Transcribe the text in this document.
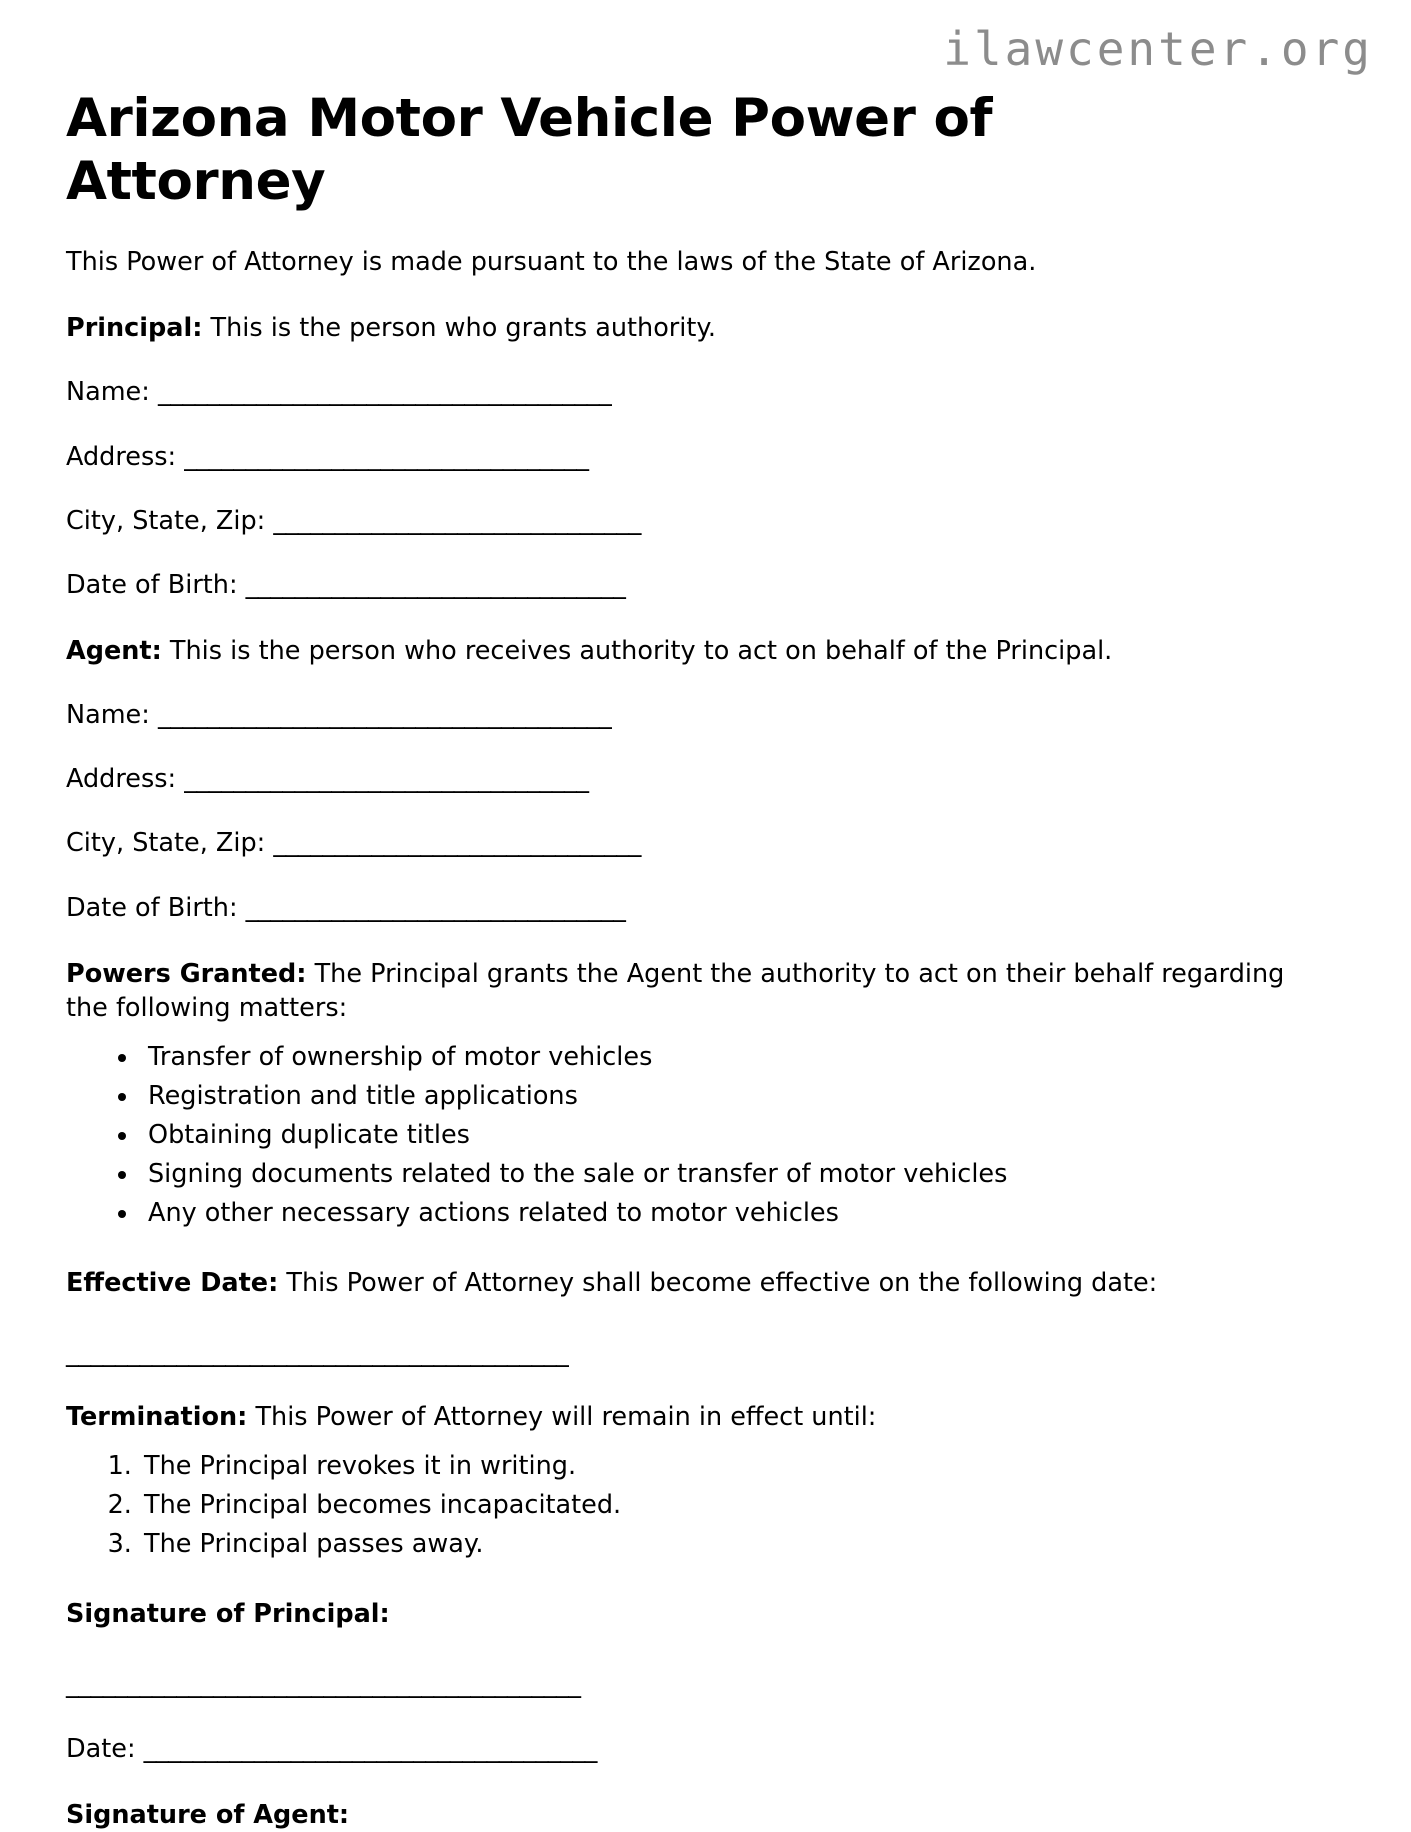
ilawcenter.org
Arizona Motor Vehicle Power of Attorney

This Power of Attorney is made pursuant to the laws of the State of Arizona.

Principal: This is the person who grants authority.

Name: _____________________________________

Address: _________________________________

City, State, Zip: ______________________________

Date of Birth: _______________________________

Agent: This is the person who receives authority to act on behalf of the Principal.

Name: _____________________________________

Address: _________________________________

City, State, Zip: ______________________________

Date of Birth: _______________________________

Powers Granted: The Principal grants the Agent the authority to act on their behalf regarding the following matters:

• Transfer of ownership of motor vehicles
• Registration and title applications
• Obtaining duplicate titles
• Signing documents related to the sale or transfer of motor vehicles
• Any other necessary actions related to motor vehicles

Effective Date: This Power of Attorney shall become effective on the following date:

_________________________________________

Termination: This Power of Attorney will remain in effect until:

1. The Principal revokes it in writing.
2. The Principal becomes incapacitated.
3. The Principal passes away.

Signature of Principal:

__________________________________________

Date: _____________________________________

Signature of Agent:
